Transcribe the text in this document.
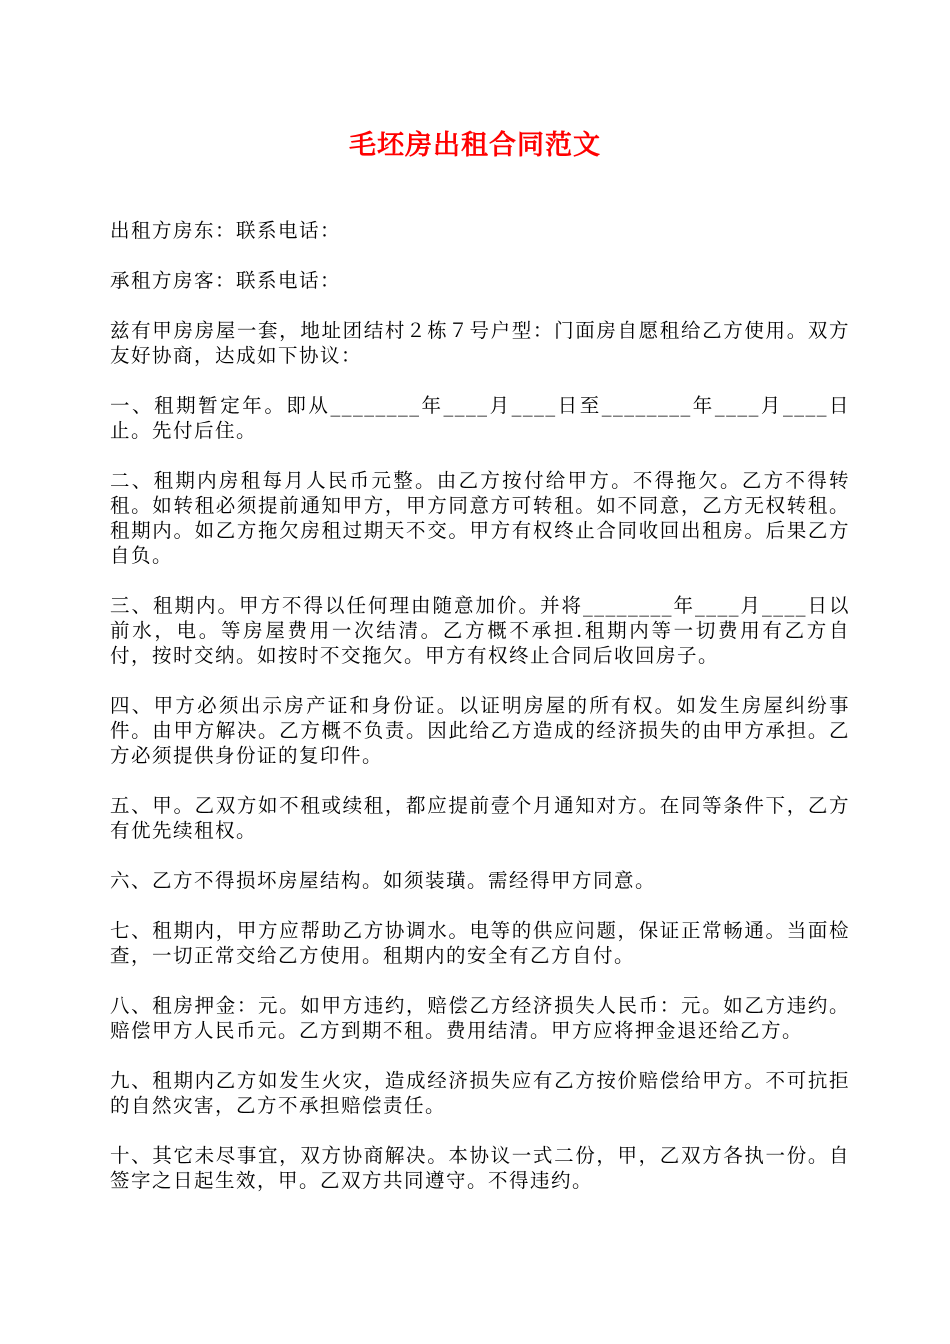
毛坯房出租合同范文

出租方房东：联系电话：

承租方房客：联系电话：

兹有甲房房屋一套，地址团结村２栋７号户型：门面房自愿租给乙方使用。双方友好协商，达成如下协议：

一、租期暂定年。即从________年____月____日至________年____月____日止。先付后住。

二、租期内房租每月人民币元整。由乙方按付给甲方。不得拖欠。乙方不得转租。如转租必须提前通知甲方，甲方同意方可转租。如不同意，乙方无权转租。租期内。如乙方拖欠房租过期天不交。甲方有权终止合同收回出租房。后果乙方自负。

三、租期内。甲方不得以任何理由随意加价。并将________年____月____日以前水，电。等房屋费用一次结清。乙方概不承担.租期内等一切费用有乙方自付，按时交纳。如按时不交拖欠。甲方有权终止合同后收回房子。

四、甲方必须出示房产证和身份证。以证明房屋的所有权。如发生房屋纠纷事件。由甲方解决。乙方概不负责。因此给乙方造成的经济损失的由甲方承担。乙方必须提供身份证的复印件。

五、甲。乙双方如不租或续租，都应提前壹个月通知对方。在同等条件下，乙方有优先续租权。

六、乙方不得损坏房屋结构。如须装璜。需经得甲方同意。

七、租期内，甲方应帮助乙方协调水。电等的供应问题，保证正常畅通。当面检查，一切正常交给乙方使用。租期内的安全有乙方自付。

八、租房押金：元。如甲方违约，赔偿乙方经济损失人民币：元。如乙方违约。赔偿甲方人民币元。乙方到期不租。费用结清。甲方应将押金退还给乙方。

九、租期内乙方如发生火灾，造成经济损失应有乙方按价赔偿给甲方。不可抗拒的自然灾害，乙方不承担赔偿责任。

十、其它未尽事宜，双方协商解决。本协议一式二份，甲，乙双方各执一份。自签字之日起生效，甲。乙双方共同遵守。不得违约。
